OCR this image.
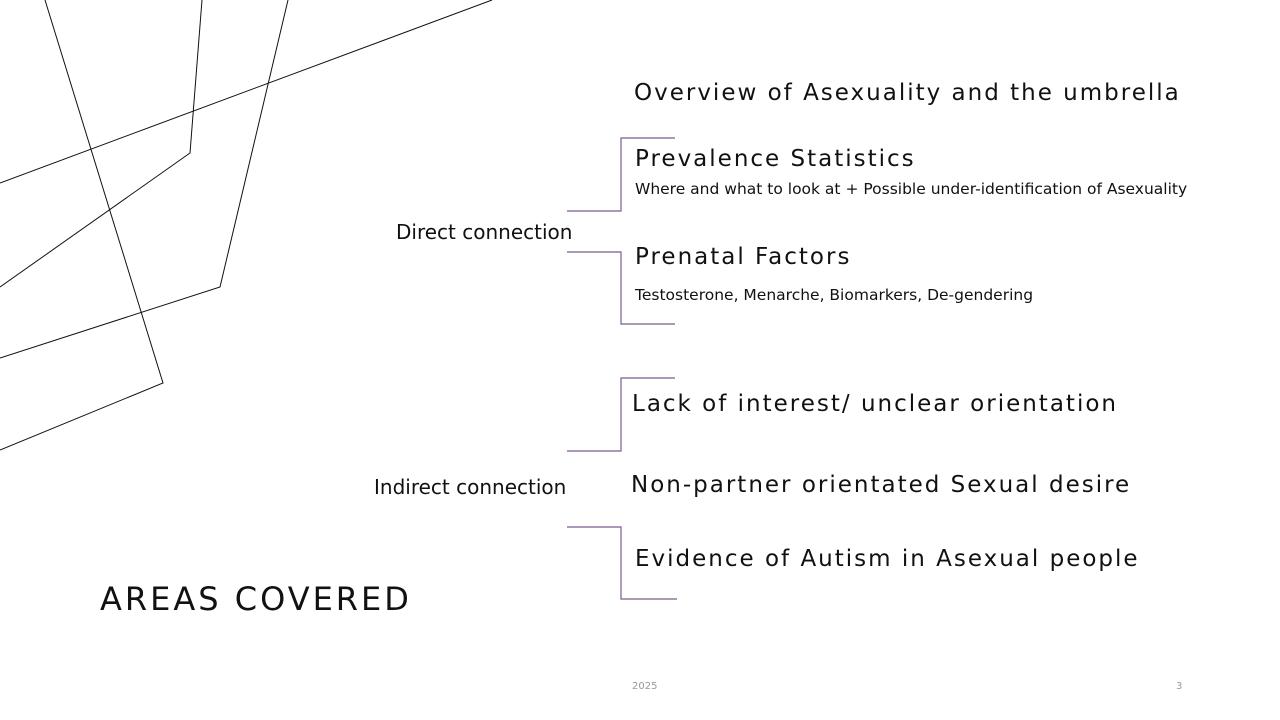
Overview of Asexuality and the umbrella
Prevalence Statistics
Where and what to look at + Possible under-identification of Asexuality
Prenatal Factors
Testosterone, Menarche, Biomarkers, De-gendering
Lack of interest/ unclear orientation
Non-partner orientated Sexual desire
Evidence of Autism in Asexual people
Direct connection
Indirect connection
AREAS COVERED
2025	3
